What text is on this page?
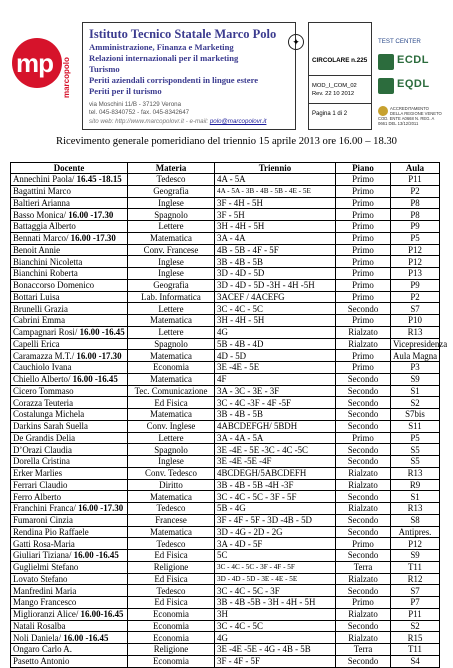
mp marcopolo
Istituto Tecnico Statale Marco Polo
Amministrazione, Finanza e Marketing
Relazioni internazionali per il marketing
Turismo
Periti aziendali corrispondenti in lingue estere
Periti per il turismo
via Moschini 11/B - 37129 Verona
tel. 045-8340752 - fax. 045-8342647
sito web: http://www.marcopolovr.it - e-mail: polo@marcopolovr.it
✦
CIRCOLARE n.225
MOD_I_COM_02
Rev. 22 10 2012
Pagina 1 di 2
TEST CENTER
ECDL
EQDL
ACCREDITAMENTO DELLA REGIONE VENETO COD. ENTE A0668 N. REG. A 0661 DEL 13/12/2011
Ricevimento generale pomeridiano del triennio 15 aprile 2013 ore 16.00 – 18.30
Docente	Materia	Triennio	Piano	Aula
Annechini Paola/ 16.45 -18.15	Tedesco	4A - 5A	Primo	P11
Bagattini Marco	Geografia	4A - 5A - 3B - 4B - 5B - 4E - 5E	Primo	P2
Baltieri Arianna	Inglese	3F - 4H - 5H	Primo	P8
Basso Monica/ 16.00 -17.30	Spagnolo	3F - 5H	Primo	P8
Battaggia Alberto	Lettere	3H - 4H - 5H	Primo	P9
Bennati Marco/ 16.00 -17.30	Matematica	3A - 4A	Primo	P5
Benoit Annie	Conv. Francese	4B - 5B - 4F - 5F	Primo	P12
Bianchini Nicoletta	Inglese	3B - 4B - 5B	Primo	P12
Bianchini Roberta	Inglese	3D - 4D - 5D	Primo	P13
Bonaccorso Domenico	Geografia	3D - 4D - 5D -3H - 4H -5H	Primo	P9
Bottari Luisa	Lab. Informatica	3ACEF / 4ACEFG	Primo	P2
Brunelli Grazia	Lettere	3C - 4C - 5C	Secondo	S7
Cabrini Emma	Matematica	3H - 4H - 5H	Primo	P10
Campagnari Rosi/ 16.00 -16.45	Lettere	4G	Rialzato	R13
Capelli Erica	Spagnolo	5B - 4B - 4D	Rialzato	Vicepresidenza
Caramazza M.T./ 16.00 -17.30	Matematica	4D - 5D	Primo	Aula Magna
Cauchiolo Ivana	Economia	3E -4E - 5E	Primo	P3
Chiello Alberto/ 16.00 -16.45	Matematica	4F	Secondo	S9
Cicero Tommaso	Tec. Comunicazione	3A - 3C - 3E - 3F	Secondo	S1
Corazza Teuteria	Ed Fisica	3C - 4C -3F - 4F -5F	Secondo	S2
Costalunga Michela	Matematica	3B - 4B - 5B	Secondo	S7bis
Darkins Sarah Suella	Conv. Inglese	4ABCDEFGH/ 5BDH	Secondo	S11
De Grandis Delia	Lettere	3A - 4A - 5A	Primo	P5
D’Orazi Claudia	Spagnolo	3E -4E - 5E -3C - 4C -5C	Secondo	S5
Dorella Cristina	Inglese	3E -4E -5E -4F	Secondo	S5
Erker Marlies	Conv. Tedesco	4BCDEGH/5ABCDEFH	Rialzato	R13
Ferrari Claudio	Diritto	3B - 4B - 5B -4H -3F	Rialzato	R9
Ferro Alberto	Matematica	3C - 4C - 5C - 3F - 5F	Secondo	S1
Franchini Franca/ 16.00 -17.30	Tedesco	5B - 4G	Rialzato	R13
Fumaroni Cinzia	Francese	3F - 4F - 5F - 3D -4B - 5D	Secondo	S8
Rendina Pio Raffaele	Matematica	3D - 4G - 2D - 2G	Secondo	Antipres.
Gatti Rosa-Maria	Tedesco	3A - 4D - 5F	Primo	P12
Giuliari Tiziana/ 16.00 -16.45	Ed Fisica	5C	Secondo	S9
Guglielmi Stefano	Religione	3C - 4C - 5C - 3F - 4F - 5F	Terra	T11
Lovato Stefano	Ed Fisica	3D - 4D - 5D - 3E - 4E - 5E	Rialzato	R12
Manfredini Maria	Tedesco	3C - 4C - 5C - 3F	Secondo	S7
Mango Francesco	Ed Fisica	3B - 4B -5B - 3H - 4H - 5H	Primo	P7
Miglioranzi Alice/ 16.00-16.45	Economia	3H	Rialzato	P11
Natali Rosalba	Economia	3C - 4C - 5C	Secondo	S2
Noli Daniela/ 16.00 -16.45	Economia	4G	Rialzato	R15
Ongaro Carlo A.	Religione	3E -4E -5E - 4G - 4B - 5B	Terra	T11
Pasetto Antonio	Economia	3F - 4F - 5F	Secondo	S4
